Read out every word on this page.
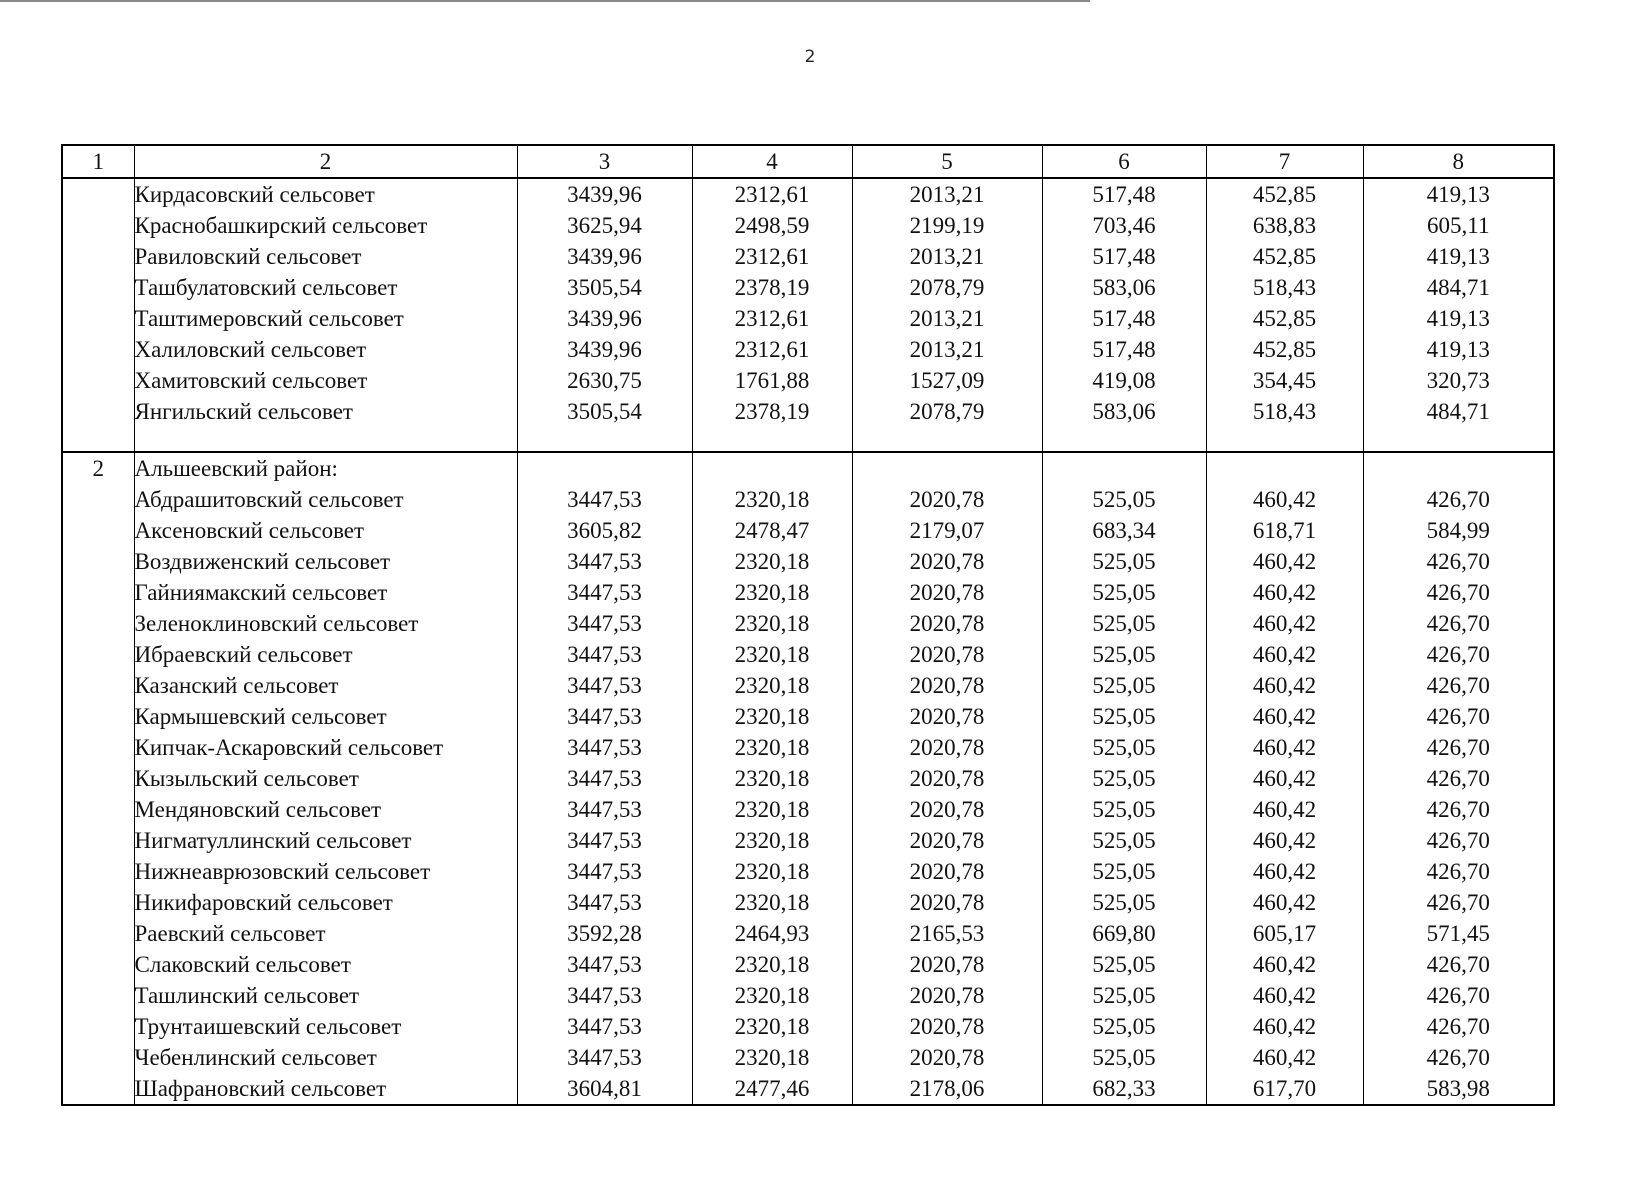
2
1	2	3	4	5	6	7	8
	Кирдасовский сельсовет	3439,96	2312,61	2013,21	517,48	452,85	419,13
	Краснобашкирский сельсовет	3625,94	2498,59	2199,19	703,46	638,83	605,11
	Равиловский сельсовет	3439,96	2312,61	2013,21	517,48	452,85	419,13
	Ташбулатовский сельсовет	3505,54	2378,19	2078,79	583,06	518,43	484,71
	Таштимеровский сельсовет	3439,96	2312,61	2013,21	517,48	452,85	419,13
	Халиловский сельсовет	3439,96	2312,61	2013,21	517,48	452,85	419,13
	Хамитовский сельсовет	2630,75	1761,88	1527,09	419,08	354,45	320,73
	Янгильский сельсовет	3505,54	2378,19	2078,79	583,06	518,43	484,71
2	Альшеевский район:						
	Абдрашитовский сельсовет	3447,53	2320,18	2020,78	525,05	460,42	426,70
	Аксеновский сельсовет	3605,82	2478,47	2179,07	683,34	618,71	584,99
	Воздвиженский сельсовет	3447,53	2320,18	2020,78	525,05	460,42	426,70
	Гайниямакский сельсовет	3447,53	2320,18	2020,78	525,05	460,42	426,70
	Зеленоклиновский сельсовет	3447,53	2320,18	2020,78	525,05	460,42	426,70
	Ибраевский сельсовет	3447,53	2320,18	2020,78	525,05	460,42	426,70
	Казанский сельсовет	3447,53	2320,18	2020,78	525,05	460,42	426,70
	Кармышевский сельсовет	3447,53	2320,18	2020,78	525,05	460,42	426,70
	Кипчак-Аскаровский сельсовет	3447,53	2320,18	2020,78	525,05	460,42	426,70
	Кызыльский сельсовет	3447,53	2320,18	2020,78	525,05	460,42	426,70
	Мендяновский сельсовет	3447,53	2320,18	2020,78	525,05	460,42	426,70
	Нигматуллинский сельсовет	3447,53	2320,18	2020,78	525,05	460,42	426,70
	Нижнеаврюзовский сельсовет	3447,53	2320,18	2020,78	525,05	460,42	426,70
	Никифаровский сельсовет	3447,53	2320,18	2020,78	525,05	460,42	426,70
	Раевский сельсовет	3592,28	2464,93	2165,53	669,80	605,17	571,45
	Слаковский сельсовет	3447,53	2320,18	2020,78	525,05	460,42	426,70
	Ташлинский сельсовет	3447,53	2320,18	2020,78	525,05	460,42	426,70
	Трунтаишевский сельсовет	3447,53	2320,18	2020,78	525,05	460,42	426,70
	Чебенлинский сельсовет	3447,53	2320,18	2020,78	525,05	460,42	426,70
	Шафрановский сельсовет	3604,81	2477,46	2178,06	682,33	617,70	583,98
